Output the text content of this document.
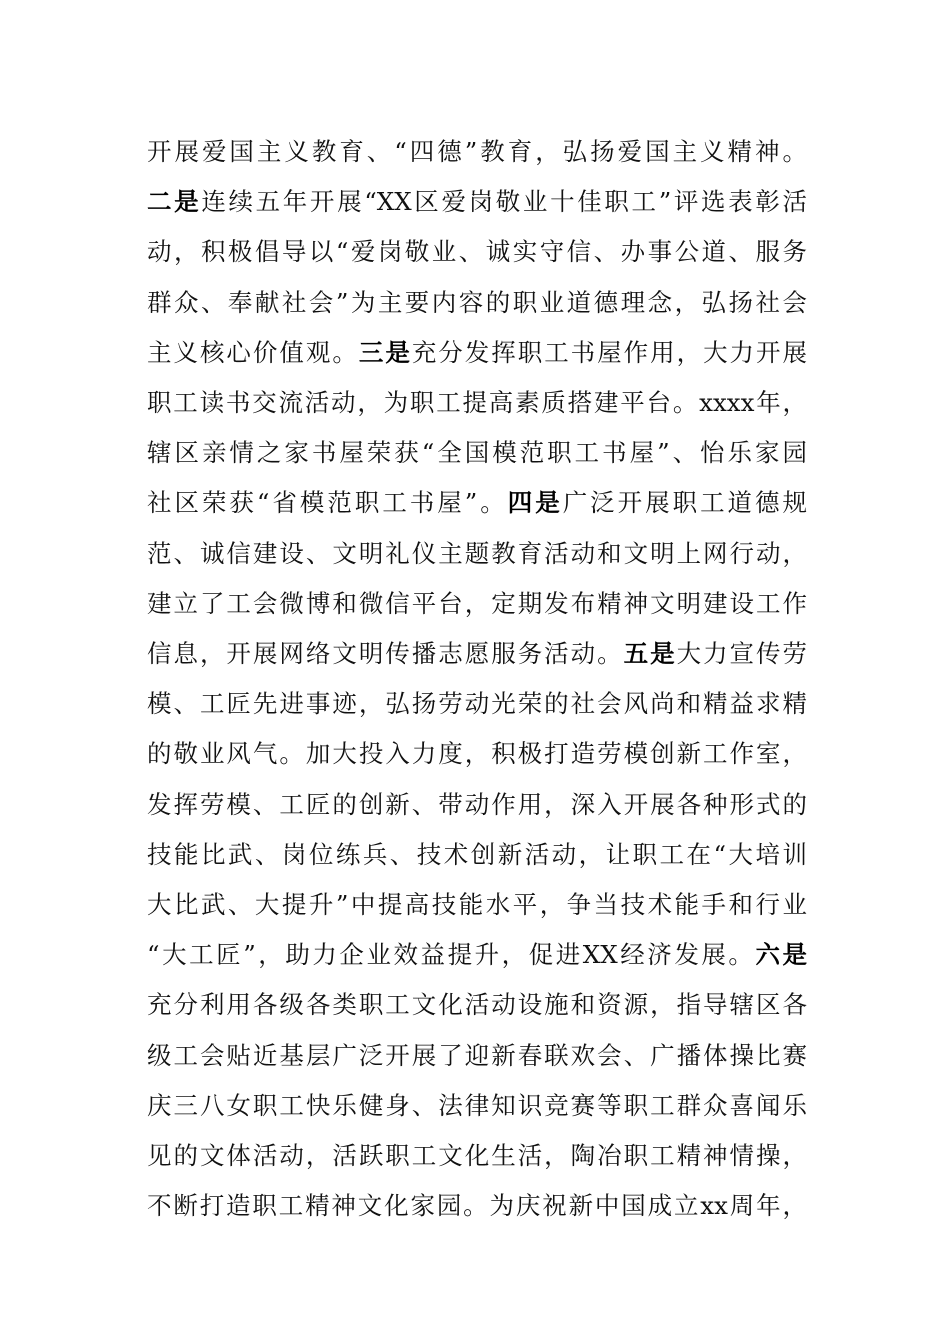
开展爱国主义教育、“四德”教育，弘扬爱国主义精神。
二是连续五年开展“XX区爱岗敬业十佳职工”评选表彰活
动，积极倡导以“爱岗敬业、诚实守信、办事公道、服务
群众、奉献社会”为主要内容的职业道德理念，弘扬社会
主义核心价值观。三是充分发挥职工书屋作用，大力开展
职工读书交流活动，为职工提高素质搭建平台。xxxx年，
辖区亲情之家书屋荣获“全国模范职工书屋”、怡乐家园
社区荣获“省模范职工书屋”。四是广泛开展职工道德规
范、诚信建设、文明礼仪主题教育活动和文明上网行动，
建立了工会微博和微信平台，定期发布精神文明建设工作
信息，开展网络文明传播志愿服务活动。五是大力宣传劳
模、工匠先进事迹，弘扬劳动光荣的社会风尚和精益求精
的敬业风气。加大投入力度，积极打造劳模创新工作室，
发挥劳模、工匠的创新、带动作用，深入开展各种形式的
技能比武、岗位练兵、技术创新活动，让职工在“大培训
大比武、大提升”中提高技能水平，争当技术能手和行业
“大工匠”，助力企业效益提升，促进XX经济发展。六是
充分利用各级各类职工文化活动设施和资源，指导辖区各
级工会贴近基层广泛开展了迎新春联欢会、广播体操比赛
庆三八女职工快乐健身、法律知识竞赛等职工群众喜闻乐
见的文体活动，活跃职工文化生活，陶冶职工精神情操，
不断打造职工精神文化家园。为庆祝新中国成立xx周年，
